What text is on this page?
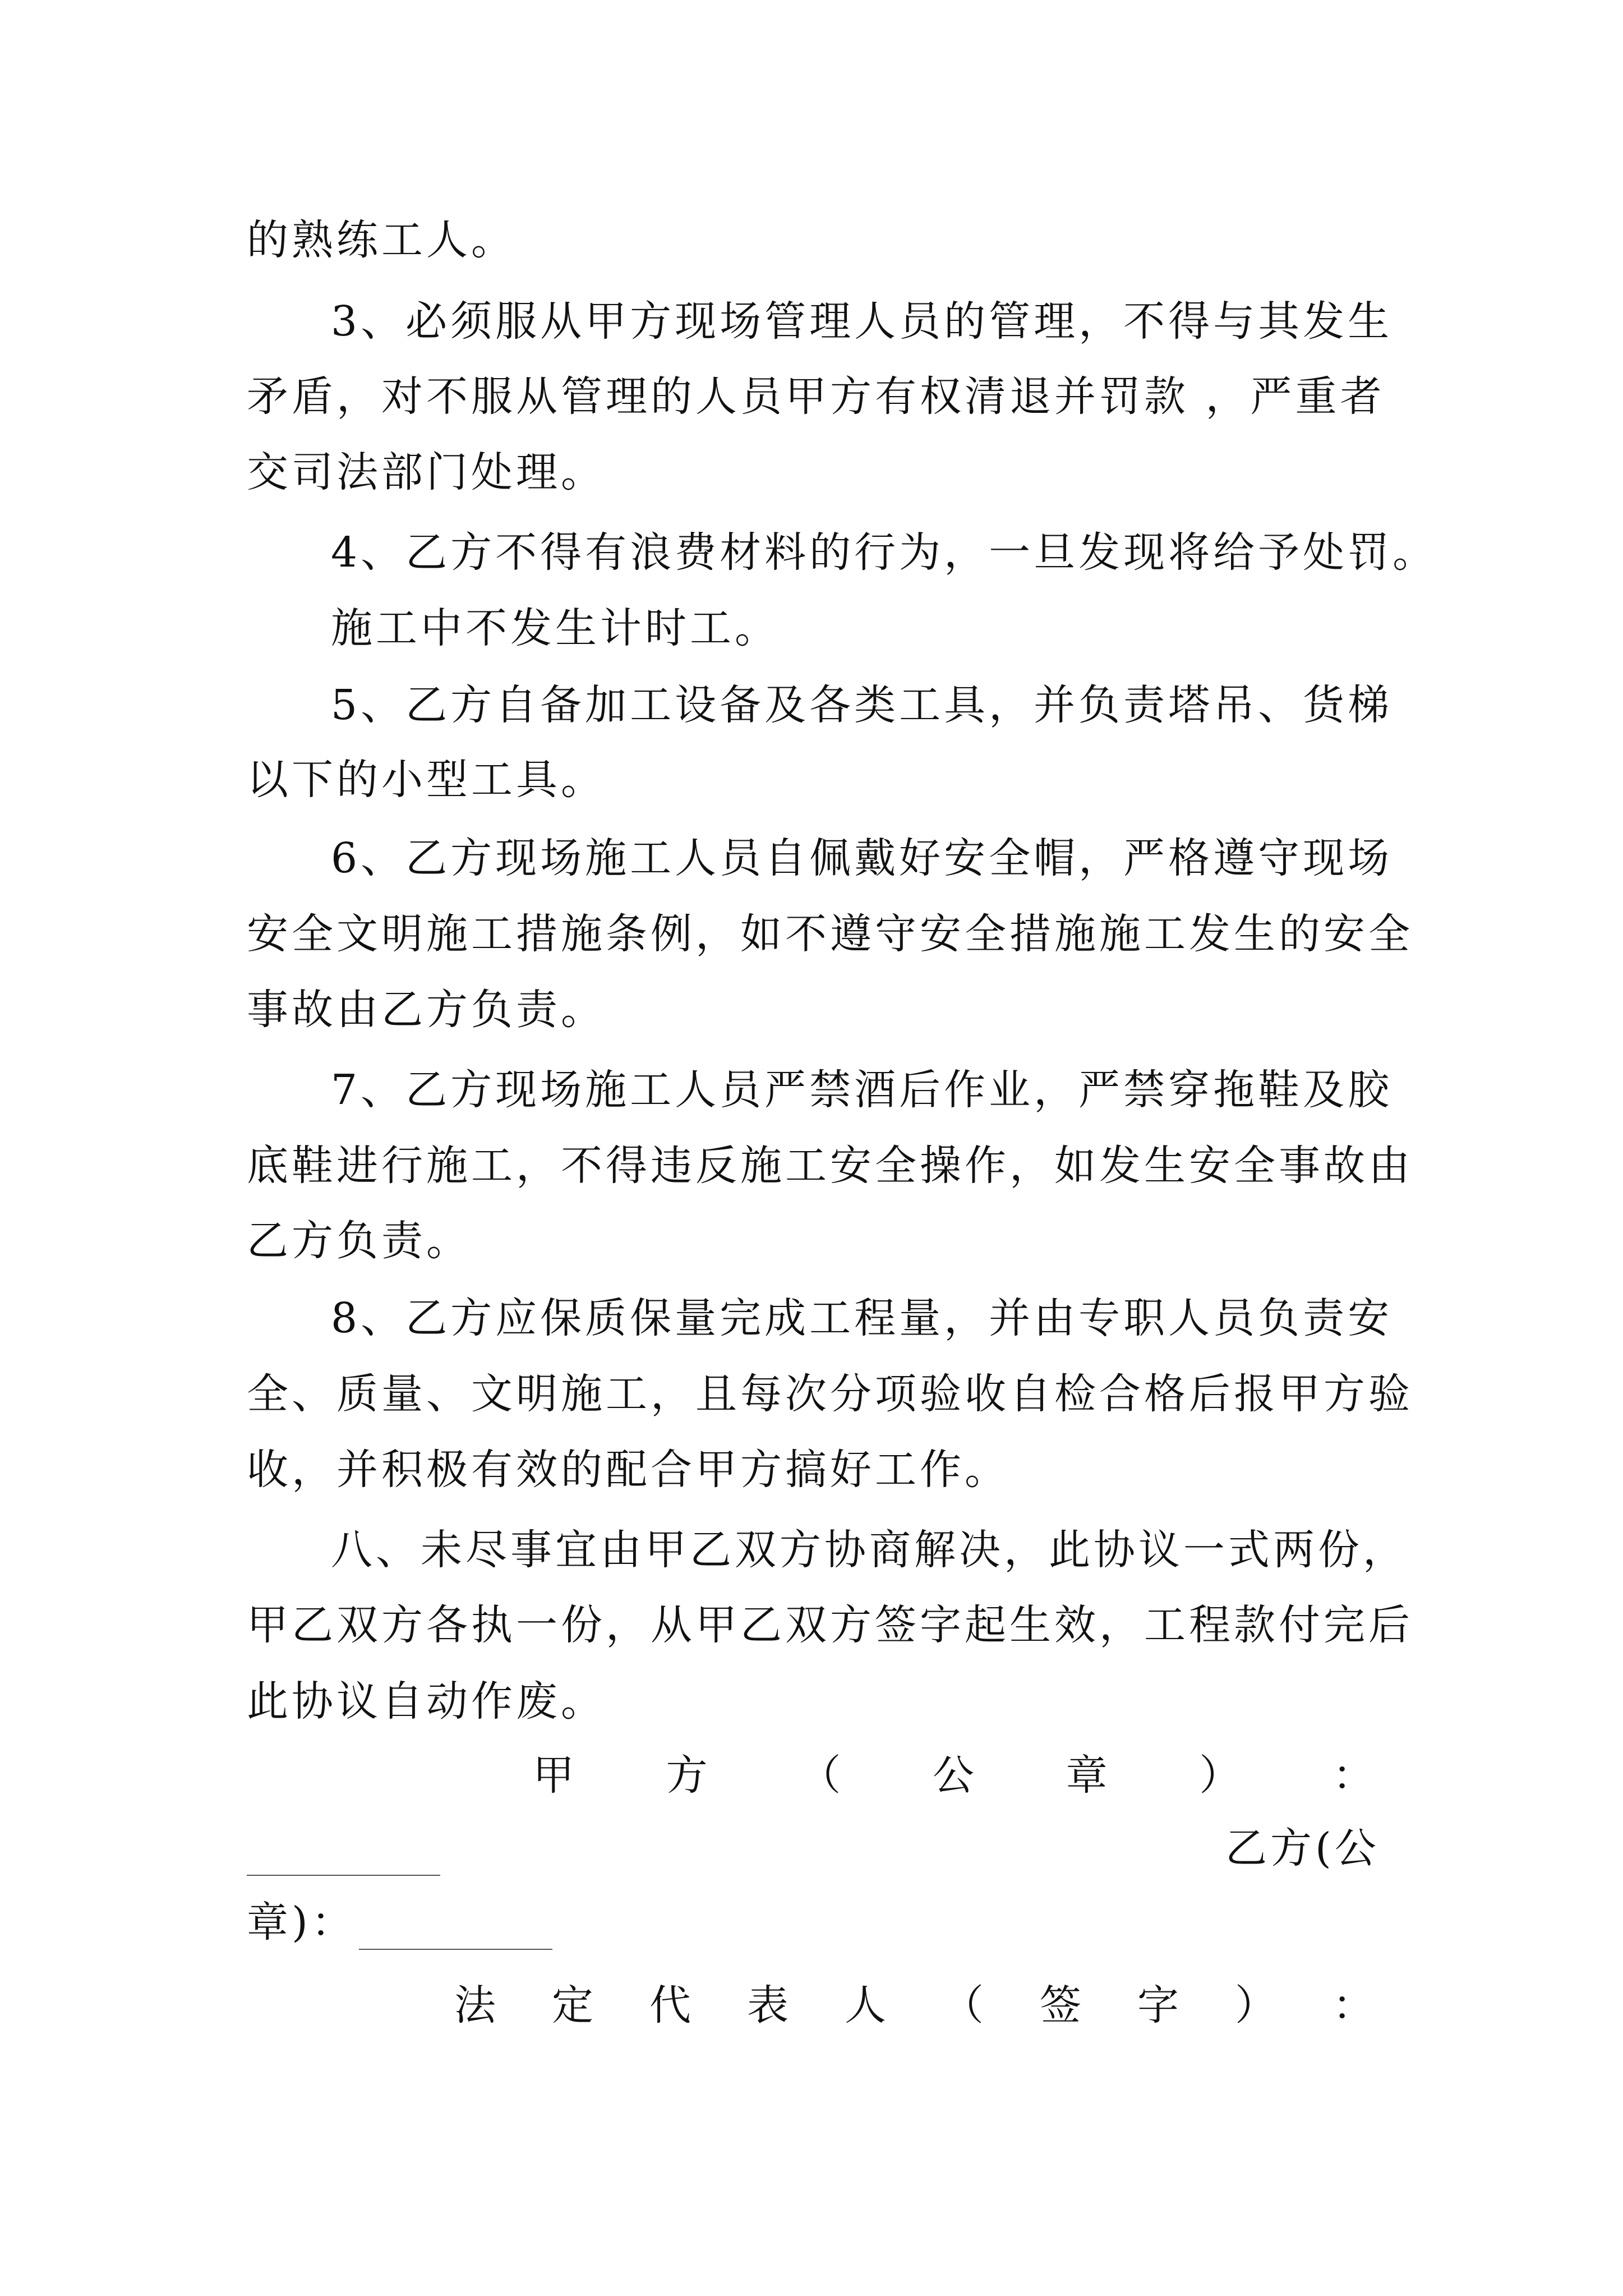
的熟练工人。
3、必须服从甲方现场管理人员的管理，不得与其发生
矛盾，对不服从管理的人员甲方有权清退并罚款 ，严重者
交司法部门处理。
4、乙方不得有浪费材料的行为，一旦发现将给予处罚。
施工中不发生计时工。
5、乙方自备加工设备及各类工具，并负责塔吊、货梯
以下的小型工具。
6、乙方现场施工人员自佩戴好安全帽，严格遵守现场
安全文明施工措施条例，如不遵守安全措施施工发生的安全
事故由乙方负责。
7、乙方现场施工人员严禁酒后作业，严禁穿拖鞋及胶
底鞋进行施工，不得违反施工安全操作，如发生安全事故由
乙方负责。
8、乙方应保质保量完成工程量，并由专职人员负责安
全、质量、文明施工，且每次分项验收自检合格后报甲方验
收，并积极有效的配合甲方搞好工作。
八、未尽事宜由甲乙双方协商解决，此协议一式两份，
甲乙双方各执一份，从甲乙双方签字起生效，工程款付完后
此协议自动作废。
甲 方 （ 公 章 ） ：
乙方(公
章)：
法 定 代 表 人 （ 签 字 ） ：
